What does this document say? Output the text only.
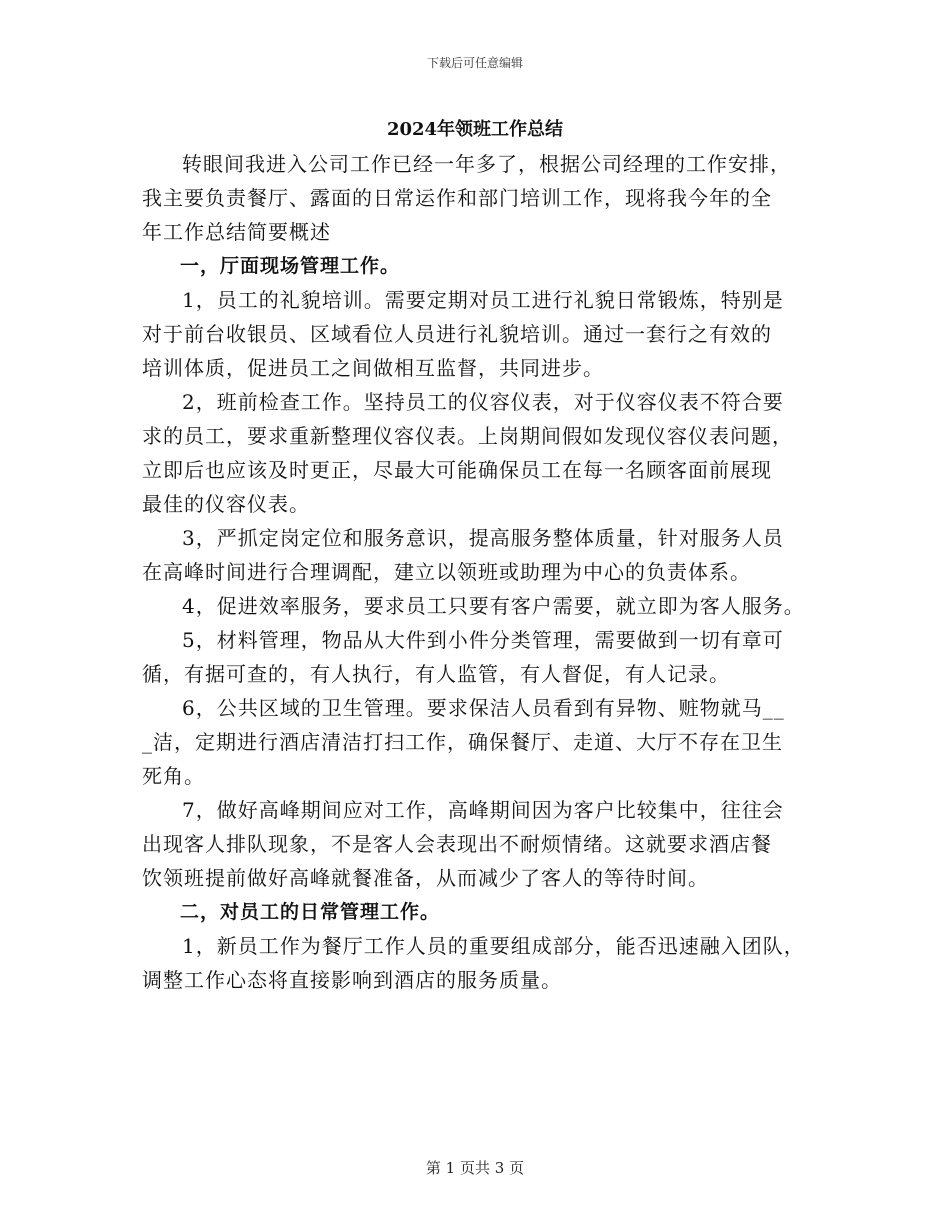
下载后可任意编辑
2024年领班工作总结

转眼间我进入公司工作已经一年多了，根据公司经理的工作安排，
我主要负责餐厅、露面的日常运作和部门培训工作，现将我今年的全
年工作总结简要概述

一，厅面现场管理工作。

1，员工的礼貌培训。需要定期对员工进行礼貌日常锻炼，特别是
对于前台收银员、区域看位人员进行礼貌培训。通过一套行之有效的
培训体质，促进员工之间做相互监督，共同进步。

2，班前检查工作。坚持员工的仪容仪表，对于仪容仪表不符合要
求的员工，要求重新整理仪容仪表。上岗期间假如发现仪容仪表问题，
立即后也应该及时更正，尽最大可能确保员工在每一名顾客面前展现
最佳的仪容仪表。

3，严抓定岗定位和服务意识，提高服务整体质量，针对服务人员
在高峰时间进行合理调配，建立以领班或助理为中心的负责体系。

4，促进效率服务，要求员工只要有客户需要，就立即为客人服务。

5，材料管理，物品从大件到小件分类管理，需要做到一切有章可
循，有据可查的，有人执行，有人监管，有人督促，有人记录。

6，公共区域的卫生管理。要求保洁人员看到有异物、赃物就马__
_洁，定期进行酒店清洁打扫工作，确保餐厅、走道、大厅不存在卫生
死角。

7，做好高峰期间应对工作，高峰期间因为客户比较集中，往往会
出现客人排队现象，不是客人会表现出不耐烦情绪。这就要求酒店餐
饮领班提前做好高峰就餐准备，从而减少了客人的等待时间。

二，对员工的日常管理工作。

1，新员工作为餐厅工作人员的重要组成部分，能否迅速融入团队，
调整工作心态将直接影响到酒店的服务质量。

第 1 页共 3 页
